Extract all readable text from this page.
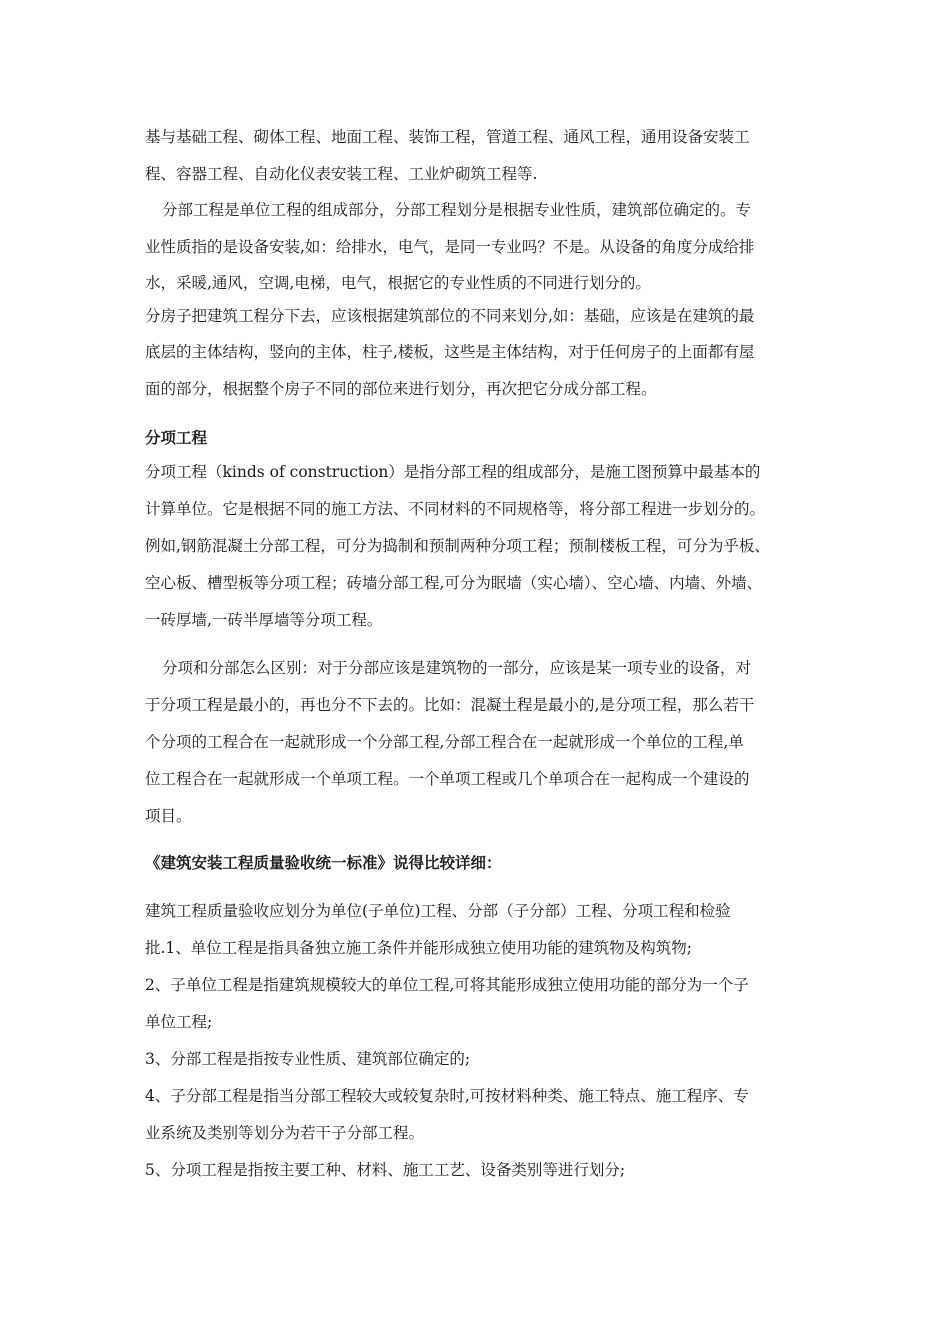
基与基础工程、砌体工程、地面工程、装饰工程，管道工程、通风工程，通用设备安装工
程、容器工程、自动化仪表安装工程、工业炉砌筑工程等.
分部工程是单位工程的组成部分，分部工程划分是根据专业性质，建筑部位确定的。专
业性质指的是设备安装,如：给排水，电气，是同一专业吗？不是。从设备的角度分成给排
水，采暖,通风，空调,电梯，电气，根据它的专业性质的不同进行划分的。
分房子把建筑工程分下去，应该根据建筑部位的不同来划分,如：基础，应该是在建筑的最
底层的主体结构，竖向的主体，柱子,楼板，这些是主体结构，对于任何房子的上面都有屋
面的部分，根据整个房子不同的部位来进行划分，再次把它分成分部工程。
分项工程
分项工程（kinds of construction）是指分部工程的组成部分，是施工图预算中最基本的
计算单位。它是根据不同的施工方法、不同材料的不同规格等，将分部工程进一步划分的。
例如,钢筋混凝土分部工程，可分为捣制和预制两种分项工程；预制楼板工程，可分为乎板、
空心板、槽型板等分项工程；砖墙分部工程,可分为眠墙（实心墙）、空心墙、内墙、外墙、
一砖厚墙,一砖半厚墙等分项工程。
分项和分部怎么区别：对于分部应该是建筑物的一部分，应该是某一项专业的设备，对
于分项工程是最小的，再也分不下去的。比如：混凝土程是最小的,是分项工程，那么若干
个分项的工程合在一起就形成一个分部工程,分部工程合在一起就形成一个单位的工程,单
位工程合在一起就形成一个单项工程。一个单项工程或几个单项合在一起构成一个建设的
项目。
《建筑安装工程质量验收统一标准》说得比较详细：
建筑工程质量验收应划分为单位(子单位)工程、分部（子分部）工程、分项工程和检验
批.1、单位工程是指具备独立施工条件并能形成独立使用功能的建筑物及构筑物;
2、子单位工程是指建筑规模较大的单位工程,可将其能形成独立使用功能的部分为一个子
单位工程;
3、分部工程是指按专业性质、建筑部位确定的;
4、子分部工程是指当分部工程较大或较复杂时,可按材料种类、施工特点、施工程序、专
业系统及类别等划分为若干子分部工程。
5、分项工程是指按主要工种、材料、施工工艺、设备类别等进行划分;
